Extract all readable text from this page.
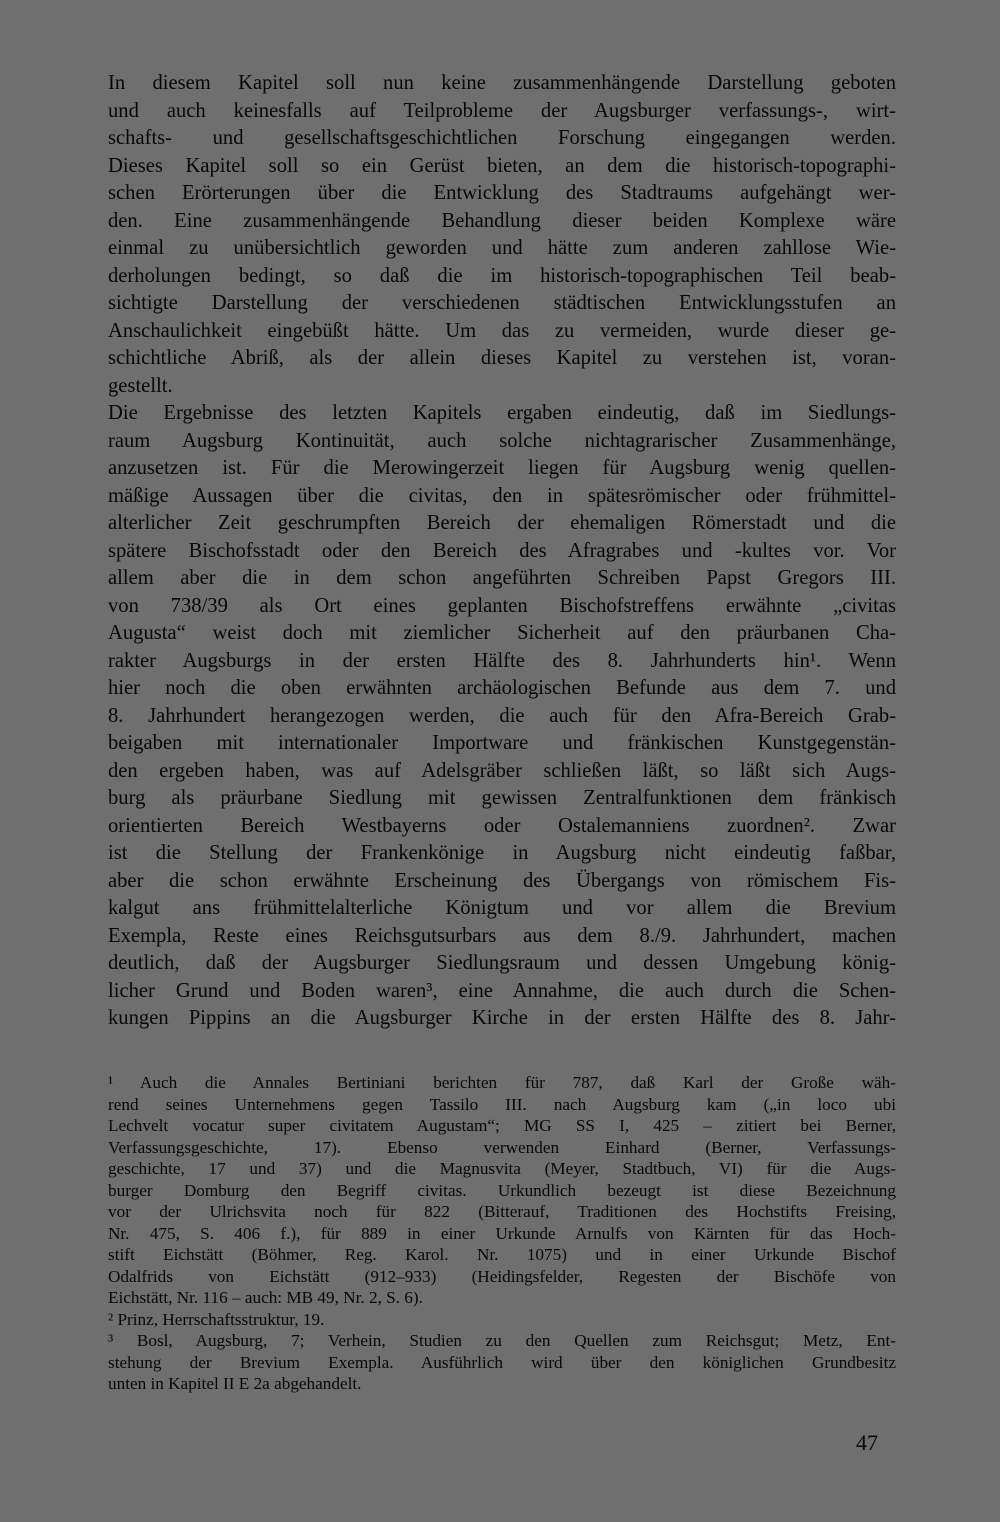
In diesem Kapitel soll nun keine zusammenhängende Darstellung geboten
und auch keinesfalls auf Teilprobleme der Augsburger verfassungs-, wirt-
schafts- und gesellschaftsgeschichtlichen Forschung eingegangen werden.
Dieses Kapitel soll so ein Gerüst bieten, an dem die historisch-topographi-
schen Erörterungen über die Entwicklung des Stadtraums aufgehängt wer-
den. Eine zusammenhängende Behandlung dieser beiden Komplexe wäre
einmal zu unübersichtlich geworden und hätte zum anderen zahllose Wie-
derholungen bedingt, so daß die im historisch-topographischen Teil beab-
sichtigte Darstellung der verschiedenen städtischen Entwicklungsstufen an
Anschaulichkeit eingebüßt hätte. Um das zu vermeiden, wurde dieser ge-
schichtliche Abriß, als der allein dieses Kapitel zu verstehen ist, voran-
gestellt.
Die Ergebnisse des letzten Kapitels ergaben eindeutig, daß im Siedlungs-
raum Augsburg Kontinuität, auch solche nichtagrarischer Zusammenhänge,
anzusetzen ist. Für die Merowingerzeit liegen für Augsburg wenig quellen-
mäßige Aussagen über die civitas, den in spätesrömischer oder frühmittel-
alterlicher Zeit geschrumpften Bereich der ehemaligen Römerstadt und die
spätere Bischofsstadt oder den Bereich des Afragrabes und -kultes vor. Vor
allem aber die in dem schon angeführten Schreiben Papst Gregors III.
von 738/39 als Ort eines geplanten Bischofstreffens erwähnte „civitas
Augusta“ weist doch mit ziemlicher Sicherheit auf den präurbanen Cha-
rakter Augsburgs in der ersten Hälfte des 8. Jahrhunderts hin¹. Wenn
hier noch die oben erwähnten archäologischen Befunde aus dem 7. und
8. Jahrhundert herangezogen werden, die auch für den Afra-Bereich Grab-
beigaben mit internationaler Importware und fränkischen Kunstgegenstän-
den ergeben haben, was auf Adelsgräber schließen läßt, so läßt sich Augs-
burg als präurbane Siedlung mit gewissen Zentralfunktionen dem fränkisch
orientierten Bereich Westbayerns oder Ostalemanniens zuordnen². Zwar
ist die Stellung der Frankenkönige in Augsburg nicht eindeutig faßbar,
aber die schon erwähnte Erscheinung des Übergangs von römischem Fis-
kalgut ans frühmittelalterliche Königtum und vor allem die Brevium
Exempla, Reste eines Reichsgutsurbars aus dem 8./9. Jahrhundert, machen
deutlich, daß der Augsburger Siedlungsraum und dessen Umgebung könig-
licher Grund und Boden waren³, eine Annahme, die auch durch die Schen-
kungen Pippins an die Augsburger Kirche in der ersten Hälfte des 8. Jahr-
¹ Auch die Annales Bertiniani berichten für 787, daß Karl der Große wäh-
rend seines Unternehmens gegen Tassilo III. nach Augsburg kam („in loco ubi
Lechvelt vocatur super civitatem Augustam“; MG SS I, 425 – zitiert bei Berner,
Verfassungsgeschichte, 17). Ebenso verwenden Einhard (Berner, Verfassungs-
geschichte, 17 und 37) und die Magnusvita (Meyer, Stadtbuch, VI) für die Augs-
burger Domburg den Begriff civitas. Urkundlich bezeugt ist diese Bezeichnung
vor der Ulrichsvita noch für 822 (Bitterauf, Traditionen des Hochstifts Freising,
Nr. 475, S. 406 f.), für 889 in einer Urkunde Arnulfs von Kärnten für das Hoch-
stift Eichstätt (Böhmer, Reg. Karol. Nr. 1075) und in einer Urkunde Bischof
Odalfrids von Eichstätt (912–933) (Heidingsfelder, Regesten der Bischöfe von
Eichstätt, Nr. 116 – auch: MB 49, Nr. 2, S. 6).
² Prinz, Herrschaftsstruktur, 19.
³ Bosl, Augsburg, 7; Verhein, Studien zu den Quellen zum Reichsgut; Metz, Ent-
stehung der Brevium Exempla. Ausführlich wird über den königlichen Grundbesitz
unten in Kapitel II E 2a abgehandelt.
47
